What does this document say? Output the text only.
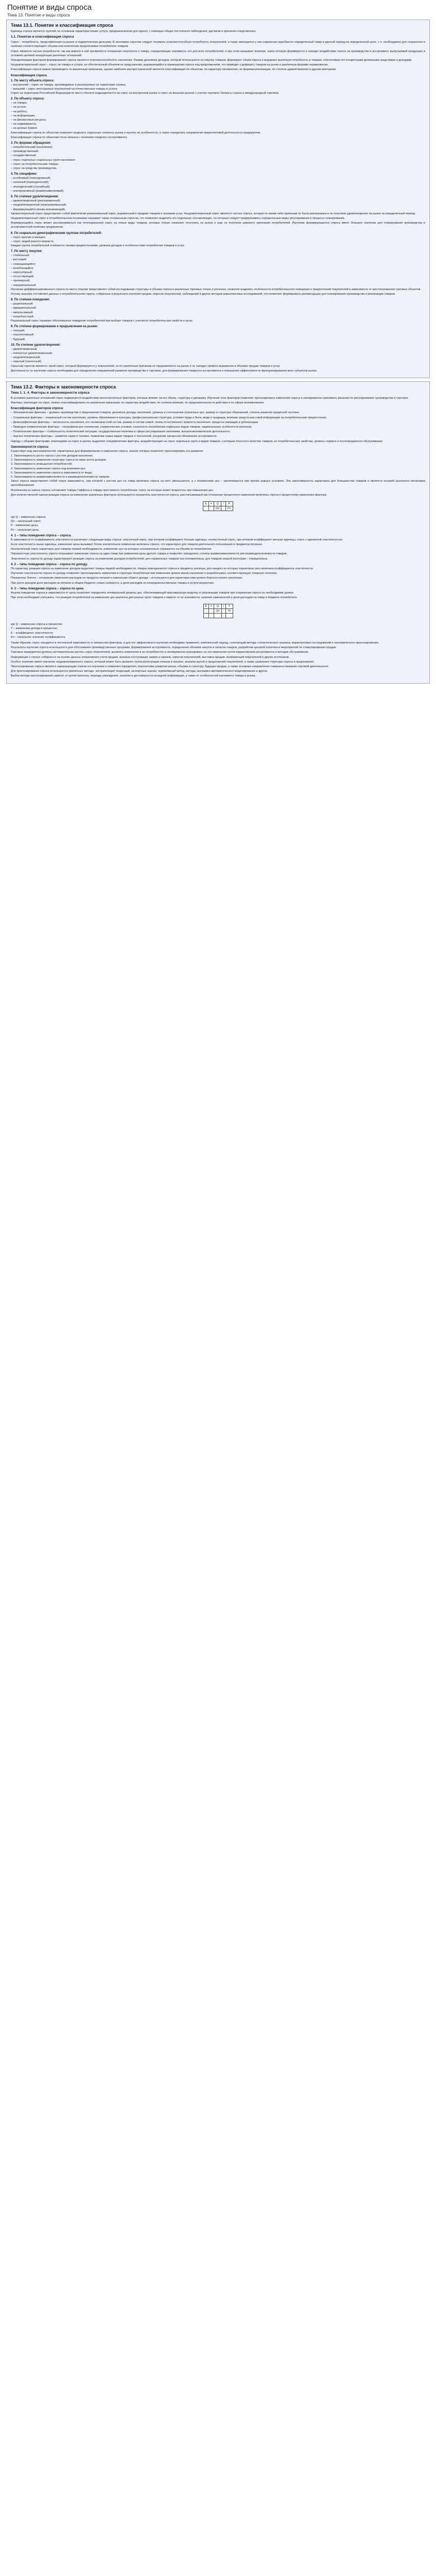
Понятие и виды спроса
Тема 13. Понятие и виды спроса
Тема 13.1. Понятие и классификация спроса

Единица спроса является группой, по основным характеристикам: услуга, предназначенная для одного, с помощью общих постоянного наблюдения, датчиков и причинно-следственных.

1.1. Понятие и классификация спроса

Спрос – потребность, представленная на рынке и подкрепленная деньгами. В экономике спросом следует понимать платежеспособную потребность покупателей, а также имеющееся у них намерение приобрести определенный товар в данный период по определенной цене, т. е. необходимое для сохранения в наличии соответствующего объема или количества предлагаемых потребителю товаров.

Спрос является частью потребности, так как именно в ней проявляется отношение покупателя к товару, определяющая значимость его для всех потребителей, и при этом оказывает влияние, через которую формируется и находит воздействие спроса на производство и ассортимент выпускаемой продукции, в условиях целевой конкуренции рыночных отношений.

Определяющим фактором формирования спроса является платежеспособность населения. Размер денежных доходов, который используется на покупку товаров, формирует объём спроса и выражает рыночную потребность в товарах, обеспечивая его конкретными денежными средствами и доходами.

Неудовлетворенный спрос – спрос на товары и услуги, не обеспеченный объемом их предложения, выражающийся в превышении спроса над предложением, что приводит к дефициту товаров на рынке и различным формам неравновесия.

Классификация спроса можно производить по различным признакам, однако наиболее распространенной является классификация по объектам, по характеру проявления, по формам реализации, по степени удовлетворения и другим критериям.

Классификация спроса
1. По месту объекта спроса:
– внутренний – спрос на товары, производимые и реализуемые на территории страны;
– внешний – спрос иностранных покупателей на отечественные товары и услуги.

Спрос на территории Российской Федерации по месту объекта подразделяется на спрос на внутреннем рынке и спрос на внешних рынках с учетом торгового баланса страны и международной торговли.

2. По объекту спроса:
– на товары;
– на услуги;
– на работы;
– на информацию;
– на финансовые ресурсы;
– на недвижимость;
– на ценные бумаги.

Классификация спроса по объектам позволяет выделить отдельные сегменты рынка и изучить их особенности, а также определить направления маркетинговой деятельности предприятия.

Классификация спроса по объектам тесно связана с понятием товарного ассортимента.

3. По формам обращения:
– потребительский (населения);
– производственный;
– государственный;
– спрос отдельных социальных групп населения;
– спрос на потребительские товары;
– спрос на средства производства.
4. По специфике:
– устойчивый (повседневный);
– сезонный (периодический);
– эпизодический (случайный);
– альтернативный (взаимозаменяемый).
5. По степени удовлетворения:
– удовлетворенный (реализованный);
– неудовлетворенный (нереализованный);
– формирующийся (вновь возникающий).

Удовлетворенный спрос представляет собой фактически реализованный спрос, выраженный в продаже товаров и оказании услуг. Неудовлетворенный спрос является частью спроса, которая по каким-либо причинам не была реализована и не получила удовлетворения на рынке за определенный период.

Неудовлетворенный спрос в потребительском понимании называют также отложенным спросом, что позволяет выделить его отдельные составляющие, по которым следует предпринимать определенные меры регулирования в процессе планирования.

Формирующийся спрос может рассматриваться как потенциальный спрос на новые виды товаров, которые только начинают поступать на рынок и еще не получили широкого признания потребителей. Изучение формирующегося спроса имеет большое значение для планирования производства и ассортиментной политики предприятия.

6. По социально-демографическим группам потребителей:
– спрос мужчин и женщин;
– спрос людей разного возраста.

Каждая группа потребителей отличается своими предпочтениями, уровнем доходов и особенностями потребления товаров и услуг.

7. По месту покупки:
– стабильный;
– растущий;
– сокращающийся;
– колеблющийся;
– нерегулярный;
– отсутствующий;
– чрезмерный;
– нерациональный.

Изучение дифференцированного спроса по месту покупки представляет собой исследование структуры и объема спроса в различных торговых точках и регионах, позволяя выделить особенности потребительского поведения и предпочтений покупателей в зависимости от местоположения торговых объектов.

Основу анализа составляют данные о потребительском спросе, собранные в результате изучения продаж, опросов покупателей, наблюдений и других методов маркетинговых исследований, что позволяет формировать рекомендации для планирования производства и реализации товаров.

8. По степени поведения:
– рациональный;
– иррациональный;
– импульсивный;
– потребностный.

Рациональный спрос отражает обоснованное поведение потребителей при выборе товаров с учетом их потребительских свойств и цены.

9. По степени формирования и предъявления на рынке:
– текущий;
– перспективный;
– будущий.
10. По степени удовлетворения:
– удовлетворенный;
– полностью удовлетворенный;
– неудовлетворенный;
– скрытый (латентный).

Скрытым спросом является такой спрос, который формируется у покупателей, но по различным причинам не предъявляется на рынке и не находит прямого выражения в объемах продаж товаров и услуг.

Деятельность по изучению спроса необходима для определения направлений развития производства и торговли, для формирования товарного ассортимента и повышения эффективности функционирования всех субъектов рынка.

Тема 13.2. Факторы и закономерности спроса
Тема 1. 1. 4. Факторы и закономерности спроса

В условиях рыночных отношений спрос подвергается воздействию многочисленных факторов, которые влияют на его объем, структуру и динамику. Изучение этих факторов позволяет прогнозировать изменения спроса и своевременно принимать решения по регулированию производства и торговли.

Факторы, влияющие на спрос, можно классифицировать по различным признакам: по характеру воздействия, по степени влияния, по продолжительности действия и по сфере возникновения.

Классификация факторов спроса:

– Экономические факторы – уровень производства и предложения товаров, денежные доходы населения, уровень и соотношение розничных цен, размер и структура сбережений, степень развития кредитной системы.

– Социальные факторы – социальный состав населения, уровень образования и культуры, профессиональная структура, условия труда и быта, мода и традиции, влияние средств массовой информации на потребительские предпочтения.

– Демографические факторы – численность населения, его половозрастной состав, размер и состав семей, темпы естественного прироста населения, процессы миграции и урбанизации.

– Природно-климатические факторы – географическое положение, климатические условия, сезонность потребления отдельных видов товаров, национальные особенности регионов.

– Политические факторы – стабильность политической ситуации, государственная политика в сфере регулирования экономики, внешнеэкономическая деятельность.

– Научно-технические факторы – развитие науки и техники, появление новых видов товаров и технологий, ускорение процессов обновления ассортимента.

Наряду с общими факторами, влияющими на спрос в целом, выделяют специфические факторы, воздействующие на спрос отдельных групп и видов товаров, к которым относятся качество товаров, их потребительские свойства, уровень сервиса и послепродажного обслуживания.

Закономерности спроса:

Существует ряд закономерностей, характерных для формирования и изменения спроса, знание которых позволяет прогнозировать его развитие:

1. Закономерность роста спроса с ростом доходов населения.
2. Закономерность изменения структуры спроса по мере роста доходов.
3. Закономерность возвышения потребностей.
4. Закономерность изменения спроса под влиянием цен.
5. Закономерность изменения спроса в зависимости от моды.
6. Закономерность взаимозаменяемости и взаимодополняемости товаров.

Закон спроса представляет собой такую зависимость, при которой с ростом цен на товар величина спроса на него уменьшается, а с понижением цен – увеличивается при прочих равных условиях. Эта закономерность характерна для большинства товаров и является основой рыночного механизма ценообразования.

Исключения из закона спроса составляют товары Гиффена и товары престижного потребления, спрос на которые может возрастать при повышении цен.

Для количественной оценки реакции спроса на изменение различных факторов используется показатель эластичности спроса, рассчитываемый как отношение процентного изменения величины спроса к процентному изменению фактора.

Е	=	Q	/	P
		Qo		Po
где Q – изменение спроса;
Qo – начальный спрос;
P – изменение цены;
Po – начальная цена.
4. 1 – типы поведения спроса – спроса.

В зависимости от коэффициента эластичности различают следующие виды спроса: эластичный спрос, при котором коэффициент больше единицы; неэластичный спрос, при котором коэффициент меньше единицы; спрос с единичной эластичностью.

Если эластичность выше единицы, изменение цены вызывает более значительное изменение величины спроса, что характерно для товаров длительного пользования и предметов роскоши.

Неэластичный спрос характерен для товаров первой необходимости, изменение цен на которые незначительно отражается на объеме их потребления.

Перекрестная эластичность спроса показывает изменение спроса на один товар при изменении цены другого товара и позволяет определить степень взаимозаменяемости или взаимодополняемости товаров.

Эластичность спроса по доходу характеризует реакцию спроса на изменение доходов потребителей: для нормальных товаров она положительна, для товаров низшей категории – отрицательна.

4. 2 – типы поведения спроса – спроса по доходу.

По характеру реакции спроса на изменение доходов выделяют товары первой необходимости, товары повседневного спроса и предметы роскоши, для каждого из которых характерна своя величина коэффициента эластичности.

Изучение эластичности спроса по доходу позволяет прогнозировать изменения в структуре потребления при изменении уровня жизни населения и разрабатывать соответствующую товарную политику.

Показатель Энгеля – отношение изменения расходов на продукты питания к изменению общего дохода – используется для характеристики уровня благосостояния населения.

При росте доходов доля расходов на питание в общем бюджете семьи снижается, а доля расходов на непродовольственные товары и услуги возрастает.

4. 3 – типы поведения спроса – спроса по цене.

Анализ поведения спроса в зависимости от цены позволяет определить оптимальный уровень цен, обеспечивающий максимальную выручку от реализации товаров при сохранении спроса на необходимом уровне.

При этом необходимо учитывать, что реакция потребителей на изменение цен различна для разных групп товаров и зависит от их значимости, наличия заменителей и доли расходов на товар в бюджете потребителя.

Е	=	Q	/	Y
		Qo		Yo

где Q – изменение спроса в процентах;
Y – изменение дохода в процентах;
E – коэффициент эластичности;
Ео – начальное значение коэффициента.

Таким образом, спрос находится в постоянной зависимости от множества факторов, и для его эффективного изучения необходимо применять комплексный подход, сочетающий методы статистического анализа, маркетинговых исследований и экономического прогнозирования.

Результаты изучения спроса используются для обоснования производственных программ, формирования ассортимента, определения объемов закупок и запасов товаров, разработки ценовой политики и мероприятий по стимулированию продаж.

Торговые предприятия должны систематически изучать спрос покупателей, выявлять изменения в их потребностях и своевременно реагировать на эти изменения путем корректировки ассортимента и методов обслуживания.

Информация о спросе собирается на основе данных оперативного учета продаж, анализа поступивших заявок и заказов, опросов покупателей, выставок-продаж, конференций покупателей и других источников.

Особое значение имеет изучение неудовлетворенного спроса, который может быть выявлен путем регистрации отказов в покупке, анализа жалоб и предложений покупателей, а также сравнения структуры спроса и предложения.

Прогнозирование спроса является завершающим этапом его изучения и позволяет определить перспективы развития рынка, объемы и структуру будущих продаж, а также основные направления совершенствования торговой деятельности.

Для прогнозирования спроса используются различные методы: экстраполяция тенденций, экспертные оценки, нормативный метод, методы экономико-математического моделирования и другие.

Выбор метода прогнозирования зависит от целей прогноза, периода упреждения, наличия и достоверности исходной информации, а также от особенностей изучаемого товара и рынка.
